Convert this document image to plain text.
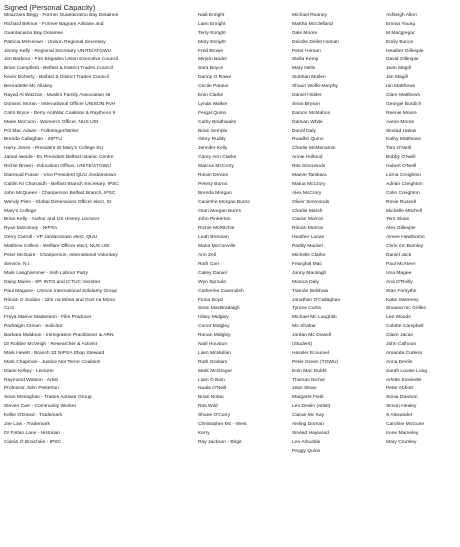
Signed (Personal Capacity)
Moazzam Begg - Former Guantanamo Bay Detainee
Richard Belmar - Former Bagram Airbase and
Guantanamo Bay Detainee
Patricia McKeown - Unison Regional Secretary
Jimmy Kelly - Regional Secretary UNITE/ATGWU
Jim Barbour - Fire Brigades Union Executive Council
Brian Campfield - Belfast & District Trades Council
Kevin Doherty - Belfast & District Trades Council
Bernadette Mc Aliskey
Rayed Al Wazzan - Muslim Family Association NI
Dominic Moran - International Officer UNISON RvH
Colm Bryce - Derry AntiWar Coalition & Raytheon 9
Marie McCoon - Women's Officer, NUS USI
Pól Mac Adaim - FolkSinger/Writer
Brenda Callaghan - SIPTU
Harry Jones - President St Mary's College SU
Jamal Iweida - Ex President Belfast Islamic Centre
Richie Brown - Education Officer, UNITE/ATGWU
Diarmuid Fraser - Vice President QUU Jordanstown
Caitlin Ní Chorraidh - Belfast Branch Secretary, IPSC
John McQueen - Chairperson Belfast Branch, IPSC
Wendy Flinn - Global Dimensions Officer elect, St
Mary's College
Brian Kelly - Author and US History Lecturer
Ryan McKinney - NIPSA
Gerry Carroll - VP Jordanstown elect, QUU
Matthew Collins - Welfare Officer elect, NUS USI
Peter McGuire - Chairperson, International Voluntary
Service, N.I.
Mark Langhammer - Irish Labour Party
Daisy Mules - SP, INTO and ICTUC member
Paul Maguire - Unison International Solidarity Group
Rónán O Sodáin - Glór na Móna and Gort na Móna
CLG
Freya Maeve Madeeson - Film Producer
Padraigín Drinan - Solicitor
Barbara Muldoon - Immigration Practitioner & ARN
Dr Robbie McVeigh - Researcher & Activist
Mark Hewitt - Branch 33 NIPSA Shop Steward
Mark Chapman - Justice Not Terror Coalition
Diane Kirkpy - Lecturer
Raymond Watson - Artist
Professor John Pinkerton
Sean Monaghan - Trades Antiwar Group
Steven Carr - Community Worker
Kellie O'Dowd - Trademark
Joe Law - Trademark
Dr Fintan Lane - Historian
Ciarán Ó Broicháin - IPSC
Niall Enright
Liam Enright
Terry Enright
Mary Enright
Fred Brown
Mirjam Bader
Sara Boyce
Danny O Rawe
Cecile Paroux
Eoin Clarke
Lynda Walker
Fergal Quinn
Cathy Braithwaite
Brian Semple
Gerry Ruddy
Jennifer Kelly
Carey Ann Clarke
Marcus McCrory
Roisin Devine
Petesy Burns
Brenda Morgan
Caoimhe Morgan Burns
Oran Morgan Burns
John Pinkerton
Richie McRitchie
Leah Brennan
Maria McConville
Ann Zell
Ruth Carr
Cailey Daniel
Wyn Sproule
Catherine Cavendish
Fiona Boyd
Sean MacBradaigh
Hilary Midgley
Conor Midgley
Ronan Midgley
Niall Houston
Liam McMullan
Ruth Graham
Mark McGregor
Liam Ó Boin
Nuala O'Neill
Brian Nolan
Rita Wild
Shane O'Curry
Christopher Mc - West
Kerry
Ray Jackson - Brigit
Michael Rooney
Martha McClelland
Dale Moore
Deirdre Dellet Homan
Peter Homan
Stella Kemp
Mary Nelis
Siobhan Mullen
Shaun Wolfe-Murphy
Daniel Holder
Sean Bryson
Eamon McMahon
Damian White
Donal Daly
Ruadhri Quinn
Charlie McMenamin
Annie Holland
Rita Simmonds
Maeve Tamkara
Matua McCrory
Alex McCrory
Oliver Simmonds
Charlie Marsh
Ciarán Murron
Rónán Murron
Heather Lunas
Paddy Mackel
Michelle Clarke
Fearghal Mac
Jonny Mackagh
Monica Daly
Tiarnán Belshaw
Jonathan O'Callaghan
Tyrone Curtis
Michael Mc Laughlin
Mo Shabar
Jordan Mc Dowell
(Student)
Hassler Ecoumel
Peter Green (TGWU)
Eoin Mac Dubhl
Thomas Nichol
Jean Sloan
Margaret Field
Leo Devlin (artist)
Ciaran Mc Kay
Aisling Dornan
Sinéad Haywood
Leo Arbuckle
Peggy Quinn
Ashleigh Allen
Emma Young
M Macgregor
Emily Bunce
Heather Gillespie
David Gillespie
Jean Magill
Jim Magill
Ian Matthews
Clare Matthews
Georgie Bordich
Reenie Moore
Aaron Moore
Sinéad Halow
Kathy Matthews
Tom O'Neill
Bobby O'Neill
Hubert O'Neill
Lorna Creighton
Adrian Creighton
Colin Creighton
Rosie Russell
Michelle Mitchell
Terri Sloan
Alex Gillespie
Aimee Hawthorne
Chris mc Burnley
Daniel Jack
Paul McAteer
Una Magee
Ana O'Reilly
Stan Forsythe
Katie Sweeney
Shauna mc Grillen
Lee Woods
Colette Campbell
Claire Jacan
John Calhoun
Amanda Curless
Anna Devlin
Sarah Louise Long
Arlette Einsiedel
Peter Abbott
Sonia Dawson
Simon Healey
S Alexander
Caroline McGuire
Irene Mumeley
Mary Crumley
